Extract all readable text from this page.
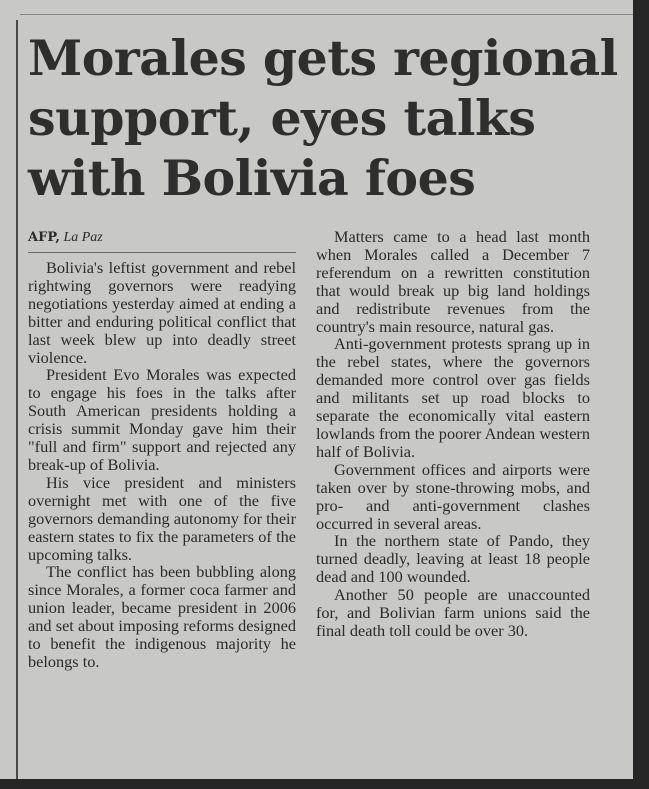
Morales gets regional support, eyes talks with Bolivia foes
AFP, La Paz

Bolivia's leftist government and rebel rightwing governors were readying negotiations yesterday aimed at ending a bitter and enduring political conflict that last week blew up into deadly street violence.

President Evo Morales was expected to engage his foes in the talks after South American presidents holding a crisis summit Monday gave him their "full and firm" support and rejected any break-up of Bolivia.

His vice president and ministers overnight met with one of the five governors demanding autonomy for their eastern states to fix the parameters of the upcoming talks.

The conflict has been bubbling along since Morales, a former coca farmer and union leader, became president in 2006 and set about imposing reforms designed to benefit the indigenous majority he belongs to.

Matters came to a head last month when Morales called a December 7 referendum on a rewritten constitution that would break up big land holdings and redistribute revenues from the country's main resource, natural gas.

Anti-government protests sprang up in the rebel states, where the governors demanded more control over gas fields and militants set up road blocks to separate the economically vital eastern lowlands from the poorer Andean western half of Bolivia.

Government offices and airports were taken over by stone-throwing mobs, and pro- and anti-government clashes occurred in several areas.

In the northern state of Pando, they turned deadly, leaving at least 18 people dead and 100 wounded.

Another 50 people are unaccounted for, and Bolivian farm unions said the final death toll could be over 30.
